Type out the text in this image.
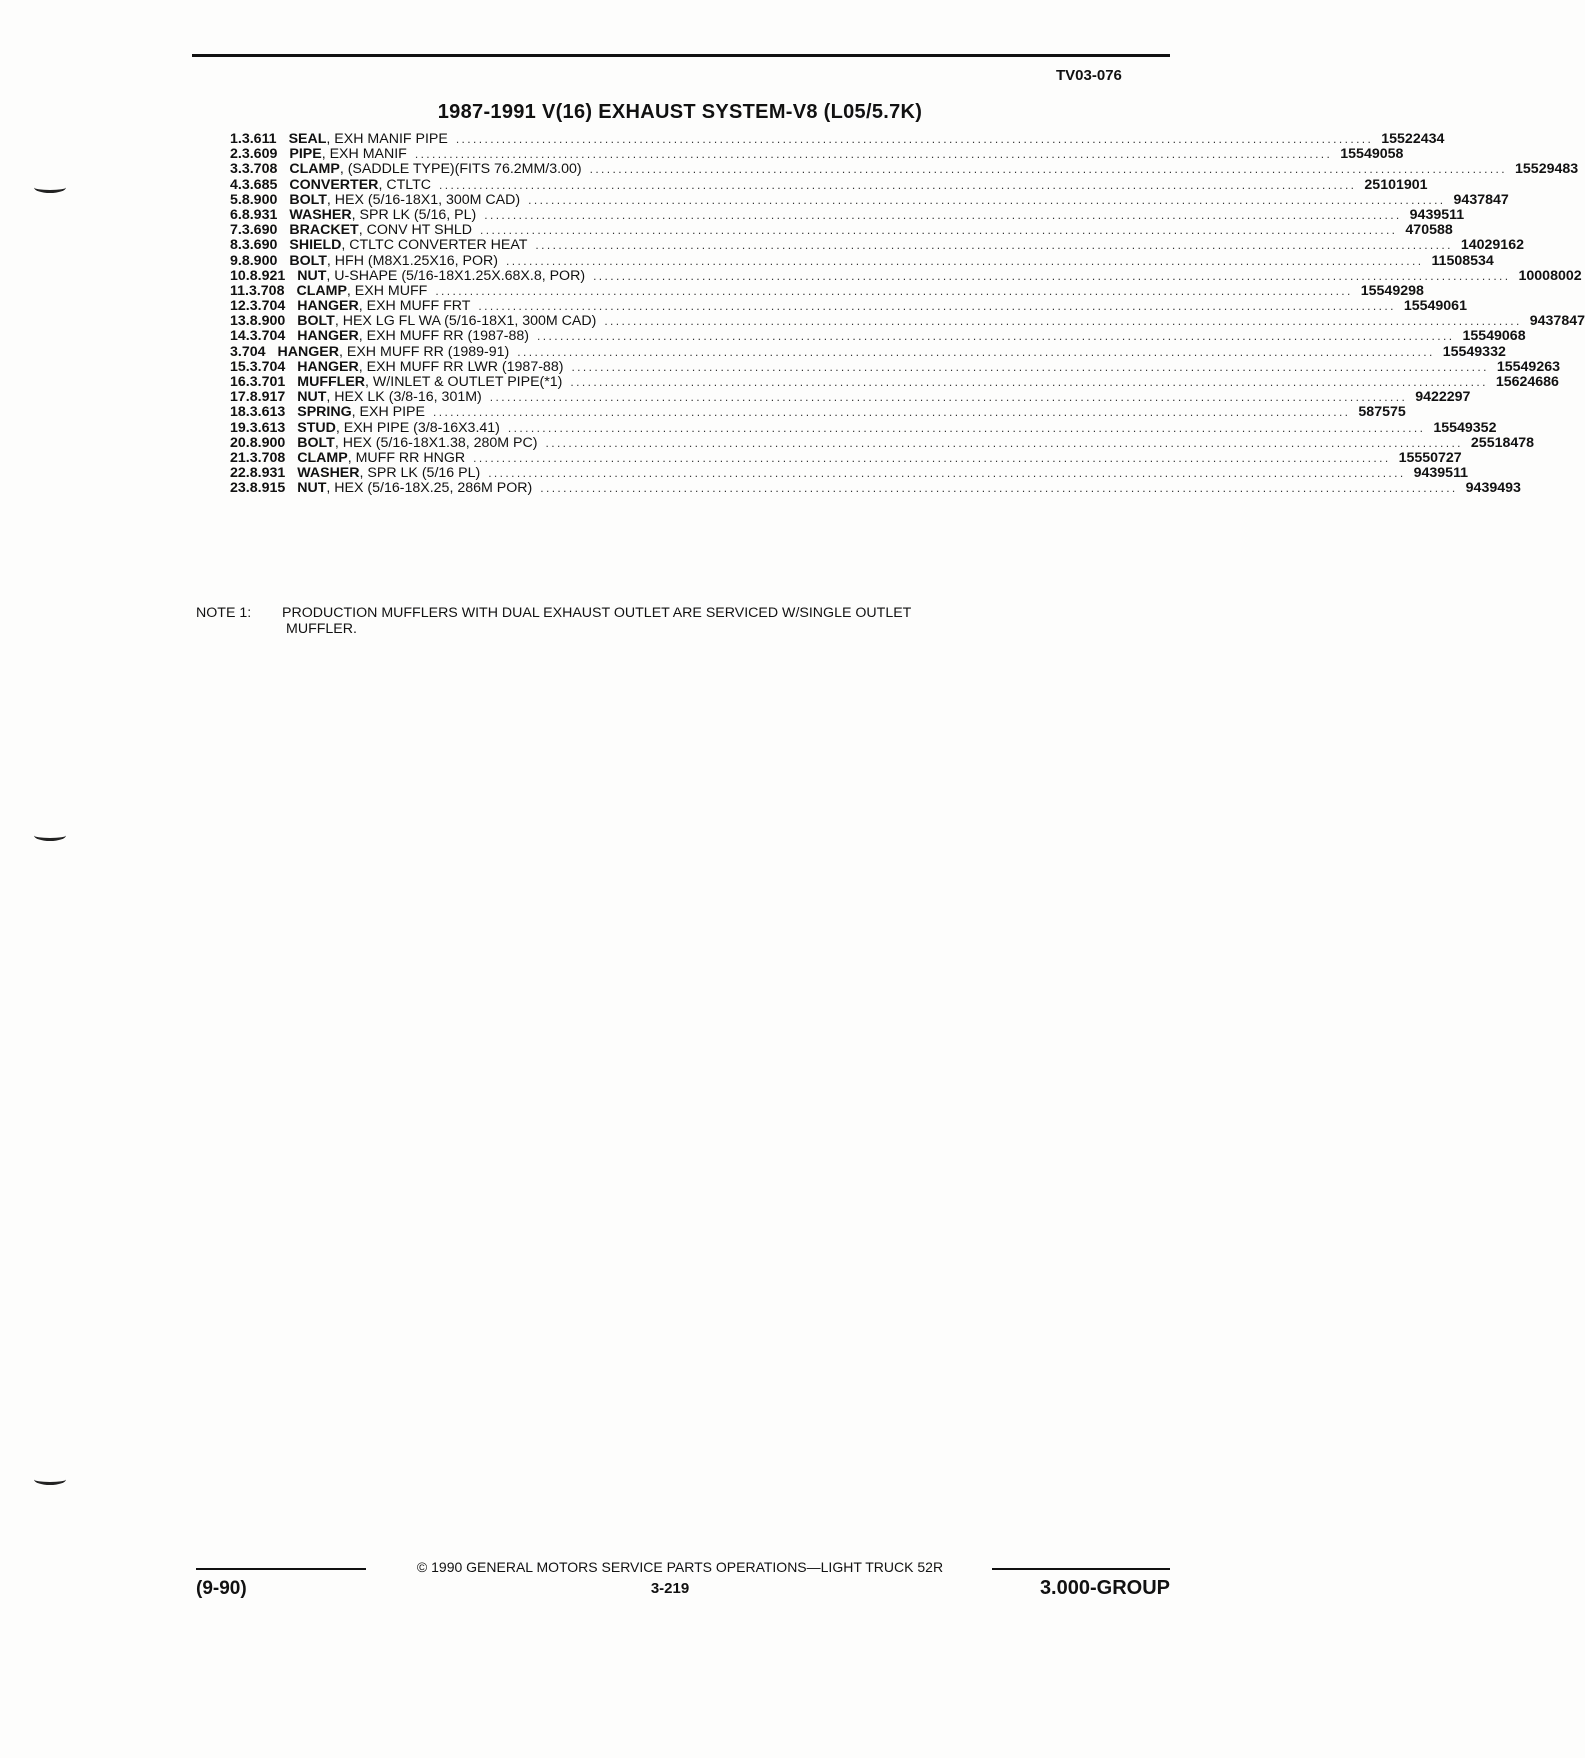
TV03-076
1987-1991 V(16) EXHAUST SYSTEM-V8 (L05/5.7K)
1. 3.611 SEAL , EXH MANIF PIPE ................................................................................................................................................................ 15522434
2. 3.609 PIPE , EXH MANIF ................................................................................................................................................................ 15549058
3. 3.708 CLAMP , (SADDLE TYPE)(FITS 76.2MM/3.00) ................................................................................................................................................................ 15529483
4. 3.685 CONVERTER , CTLTC ................................................................................................................................................................ 25101901
5. 8.900 BOLT , HEX (5/16-18X1, 300M CAD) ................................................................................................................................................................ 9437847
6. 8.931 WASHER , SPR LK (5/16, PL) ................................................................................................................................................................ 9439511
7. 3.690 BRACKET , CONV HT SHLD ................................................................................................................................................................ 470588
8. 3.690 SHIELD , CTLTC CONVERTER HEAT ................................................................................................................................................................ 14029162
9. 8.900 BOLT , HFH (M8X1.25X16, POR) ................................................................................................................................................................ 11508534
10. 8.921 NUT , U-SHAPE (5/16-18X1.25X.68X.8, POR) ................................................................................................................................................................ 10008002
11. 3.708 CLAMP , EXH MUFF ................................................................................................................................................................ 15549298
12. 3.704 HANGER , EXH MUFF FRT ................................................................................................................................................................ 15549061
13. 8.900 BOLT , HEX LG FL WA (5/16-18X1, 300M CAD) ................................................................................................................................................................ 9437847
14. 3.704 HANGER , EXH MUFF RR (1987-88) ................................................................................................................................................................ 15549068
3.704 HANGER , EXH MUFF RR (1989-91) ................................................................................................................................................................ 15549332
15. 3.704 HANGER , EXH MUFF RR LWR (1987-88) ................................................................................................................................................................ 15549263
16. 3.701 MUFFLER , W/INLET & OUTLET PIPE(*1) ................................................................................................................................................................ 15624686
17. 8.917 NUT , HEX LK (3/8-16, 301M) ................................................................................................................................................................ 9422297
18. 3.613 SPRING , EXH PIPE ................................................................................................................................................................ 587575
19. 3.613 STUD , EXH PIPE (3/8-16X3.41) ................................................................................................................................................................ 15549352
20. 8.900 BOLT , HEX (5/16-18X1.38, 280M PC) ................................................................................................................................................................ 25518478
21. 3.708 CLAMP , MUFF RR HNGR ................................................................................................................................................................ 15550727
22. 8.931 WASHER , SPR LK (5/16 PL) ................................................................................................................................................................ 9439511
23. 8.915 NUT , HEX (5/16-18X.25, 286M POR) ................................................................................................................................................................ 9439493
NOTE 1: PRODUCTION MUFFLERS WITH DUAL EXHAUST OUTLET ARE SERVICED W/SINGLE OUTLET
MUFFLER.
© 1990 GENERAL MOTORS SERVICE PARTS OPERATIONS—LIGHT TRUCK 52R
(9-90)	3-219	3.000-GROUP
